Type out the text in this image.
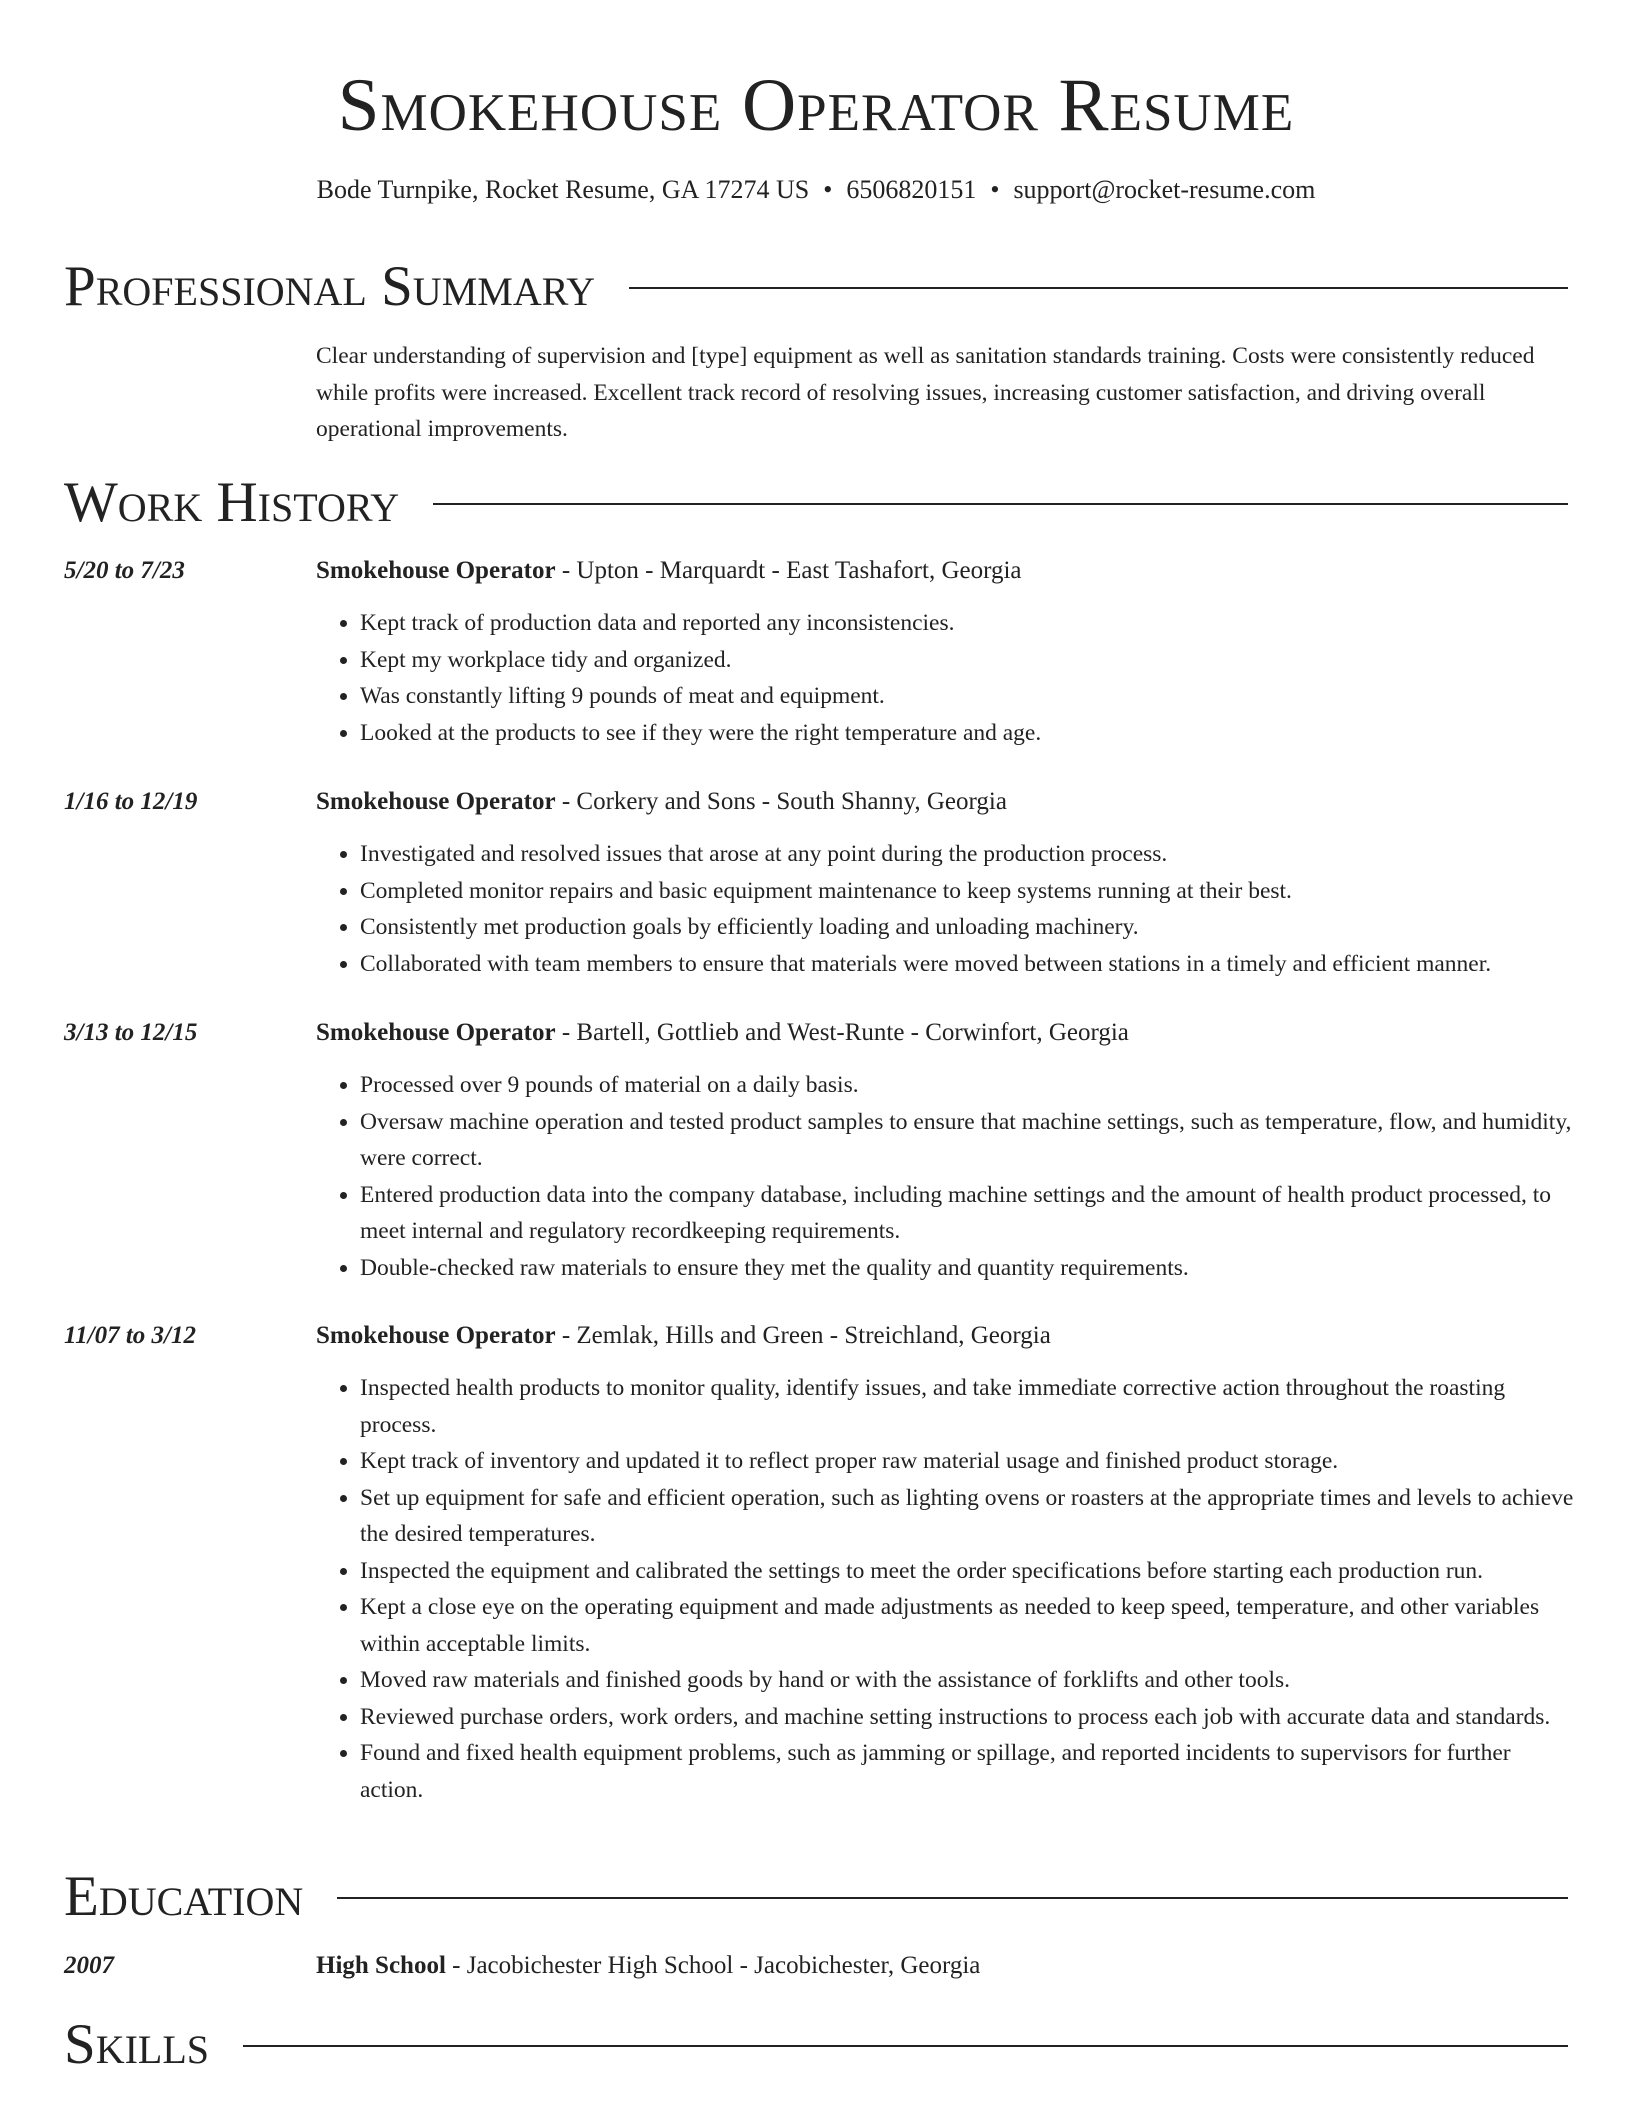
Smokehouse Operator Resume
Bode Turnpike, Rocket Resume, GA 17274 US • 6506820151 • support@rocket-resume.com
Professional Summary
Clear understanding of supervision and [type] equipment as well as sanitation standards training. Costs were consistently reduced while profits were increased. Excellent track record of resolving issues, increasing customer satisfaction, and driving overall operational improvements.
Work History
5/20 to 7/23	Smokehouse Operator - Upton - Marquardt - East Tashafort, Georgia
• Kept track of production data and reported any inconsistencies.
• Kept my workplace tidy and organized.
• Was constantly lifting 9 pounds of meat and equipment.
• Looked at the products to see if they were the right temperature and age.
1/16 to 12/19	Smokehouse Operator - Corkery and Sons - South Shanny, Georgia
• Investigated and resolved issues that arose at any point during the production process.
• Completed monitor repairs and basic equipment maintenance to keep systems running at their best.
• Consistently met production goals by efficiently loading and unloading machinery.
• Collaborated with team members to ensure that materials were moved between stations in a timely and efficient manner.
3/13 to 12/15	Smokehouse Operator - Bartell, Gottlieb and West-Runte - Corwinfort, Georgia
• Processed over 9 pounds of material on a daily basis.
• Oversaw machine operation and tested product samples to ensure that machine settings, such as temperature, flow, and humidity, were correct.
• Entered production data into the company database, including machine settings and the amount of health product processed, to meet internal and regulatory recordkeeping requirements.
• Double-checked raw materials to ensure they met the quality and quantity requirements.
11/07 to 3/12	Smokehouse Operator - Zemlak, Hills and Green - Streichland, Georgia
• Inspected health products to monitor quality, identify issues, and take immediate corrective action throughout the roasting process.
• Kept track of inventory and updated it to reflect proper raw material usage and finished product storage.
• Set up equipment for safe and efficient operation, such as lighting ovens or roasters at the appropriate times and levels to achieve the desired temperatures.
• Inspected the equipment and calibrated the settings to meet the order specifications before starting each production run.
• Kept a close eye on the operating equipment and made adjustments as needed to keep speed, temperature, and other variables within acceptable limits.
• Moved raw materials and finished goods by hand or with the assistance of forklifts and other tools.
• Reviewed purchase orders, work orders, and machine setting instructions to process each job with accurate data and standards.
• Found and fixed health equipment problems, such as jamming or spillage, and reported incidents to supervisors for further action.
Education
2007	High School - Jacobichester High School - Jacobichester, Georgia
Skills
